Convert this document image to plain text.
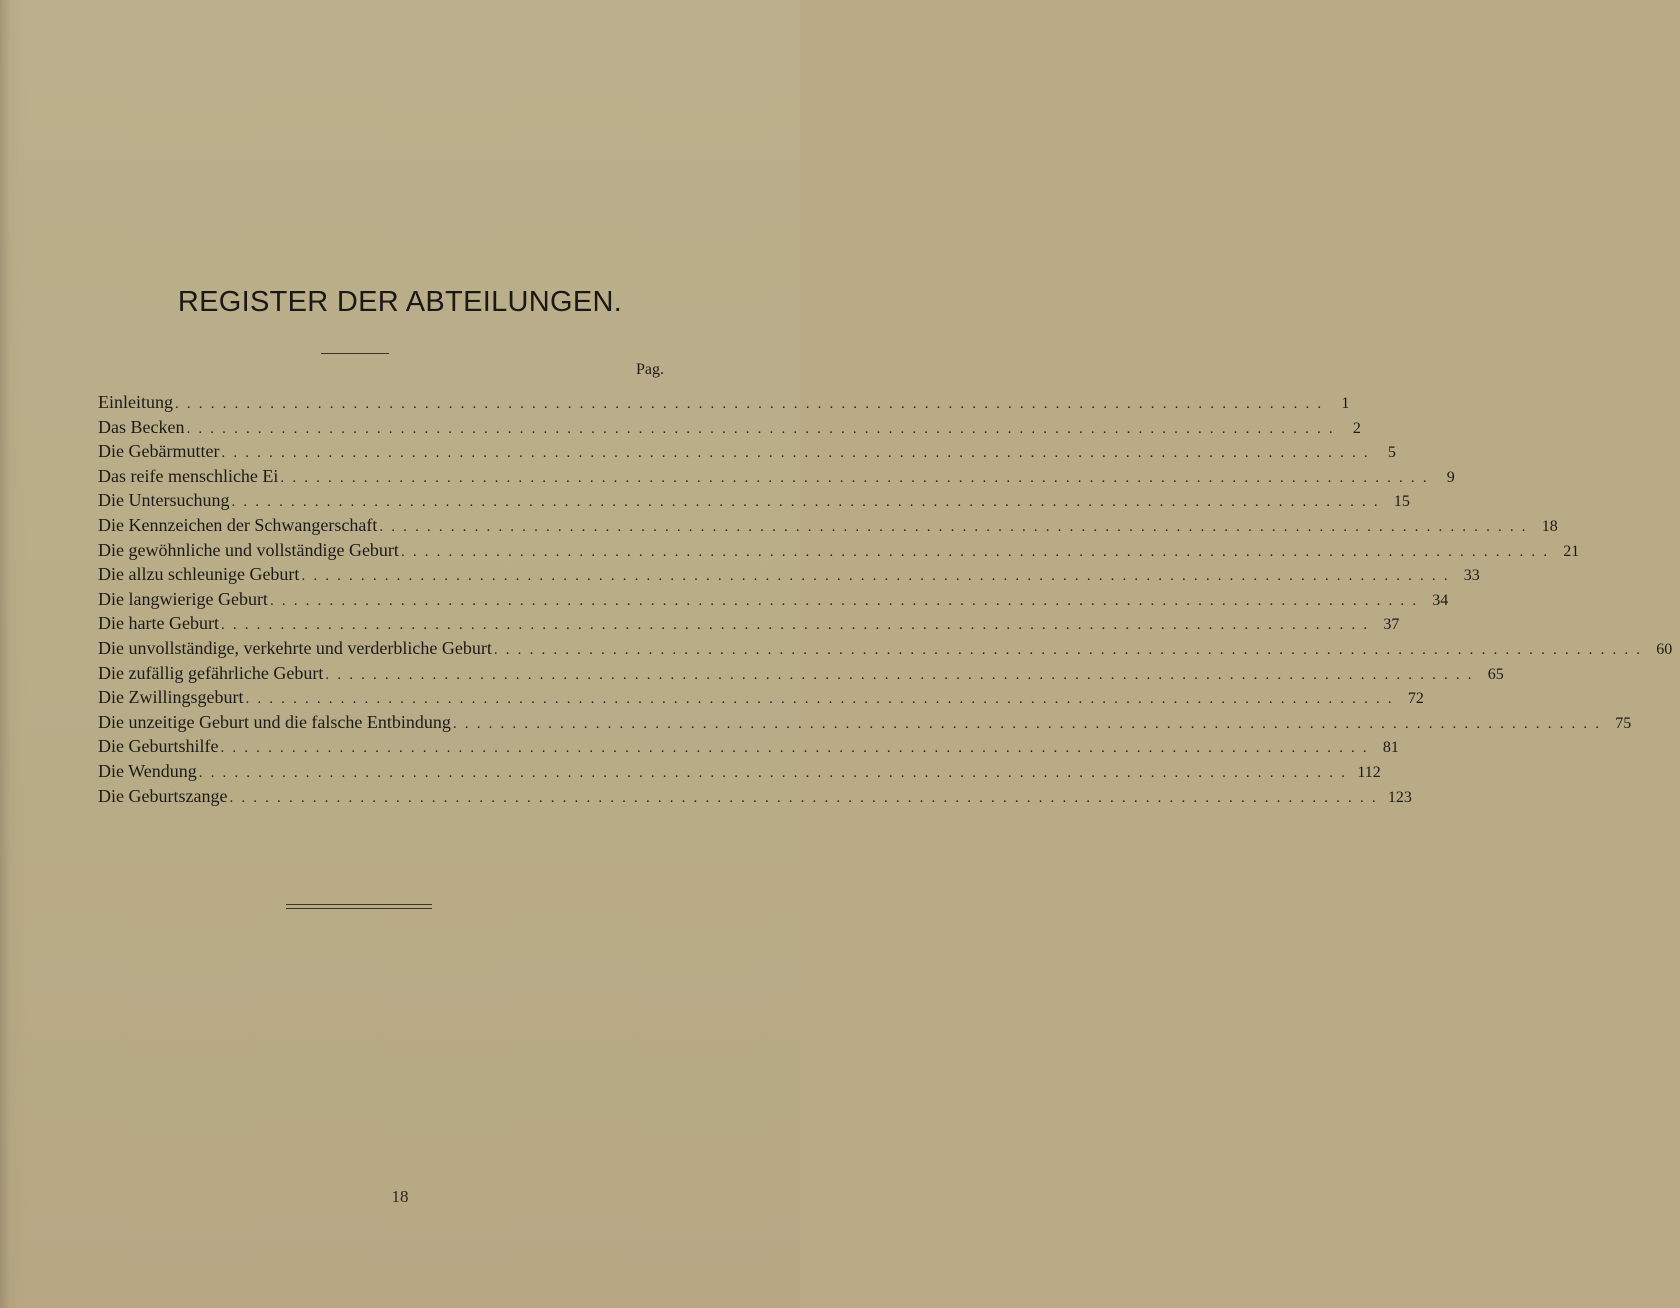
REGISTER DER ABTEILUNGEN.
Pag.
Einleitung . . . . . . . . . . . . . . . . . . . . . . . . . . . . . . . . . . . . . . . . . . . . . . . . . . . . . . . . . . . . . . . . . . . . . . . . . . . . . . . . . . . . . . . . . . . . . . . . .	1
Das Becken . . . . . . . . . . . . . . . . . . . . . . . . . . . . . . . . . . . . . . . . . . . . . . . . . . . . . . . . . . . . . . . . . . . . . . . . . . . . . . . . . . . . . . . . . . . . . . . . .	2
Die Gebärmutter . . . . . . . . . . . . . . . . . . . . . . . . . . . . . . . . . . . . . . . . . . . . . . . . . . . . . . . . . . . . . . . . . . . . . . . . . . . . . . . . . . . . . . . . . . . . . . . . .	5
Das reife menschliche Ei . . . . . . . . . . . . . . . . . . . . . . . . . . . . . . . . . . . . . . . . . . . . . . . . . . . . . . . . . . . . . . . . . . . . . . . . . . . . . . . . . . . . . . . . . . . . . . . . .	9
Die Untersuchung . . . . . . . . . . . . . . . . . . . . . . . . . . . . . . . . . . . . . . . . . . . . . . . . . . . . . . . . . . . . . . . . . . . . . . . . . . . . . . . . . . . . . . . . . . . . . . . . . 15
Die Kennzeichen der Schwangerschaft . . . . . . . . . . . . . . . . . . . . . . . . . . . . . . . . . . . . . . . . . . . . . . . . . . . . . . . . . . . . . . . . . . . . . . . . . . . . . . . . . . . . . . . . . . . . . . . . . 18
Die gewöhnliche und vollständige Geburt . . . . . . . . . . . . . . . . . . . . . . . . . . . . . . . . . . . . . . . . . . . . . . . . . . . . . . . . . . . . . . . . . . . . . . . . . . . . . . . . . . . . . . . . . . . . . . . . . 21
Die allzu schleunige Geburt . . . . . . . . . . . . . . . . . . . . . . . . . . . . . . . . . . . . . . . . . . . . . . . . . . . . . . . . . . . . . . . . . . . . . . . . . . . . . . . . . . . . . . . . . . . . . . . . . 33
Die langwierige Geburt . . . . . . . . . . . . . . . . . . . . . . . . . . . . . . . . . . . . . . . . . . . . . . . . . . . . . . . . . . . . . . . . . . . . . . . . . . . . . . . . . . . . . . . . . . . . . . . . . 34
Die harte Geburt . . . . . . . . . . . . . . . . . . . . . . . . . . . . . . . . . . . . . . . . . . . . . . . . . . . . . . . . . . . . . . . . . . . . . . . . . . . . . . . . . . . . . . . . . . . . . . . . . 37
Die unvollständige, verkehrte und verderbliche Geburt . . . . . . . . . . . . . . . . . . . . . . . . . . . . . . . . . . . . . . . . . . . . . . . . . . . . . . . . . . . . . . . . . . . . . . . . . . . . . . . . . . . . . . . . . . . . . . . . . 60
Die zufällig gefährliche Geburt . . . . . . . . . . . . . . . . . . . . . . . . . . . . . . . . . . . . . . . . . . . . . . . . . . . . . . . . . . . . . . . . . . . . . . . . . . . . . . . . . . . . . . . . . . . . . . . . . 65
Die Zwillingsgeburt . . . . . . . . . . . . . . . . . . . . . . . . . . . . . . . . . . . . . . . . . . . . . . . . . . . . . . . . . . . . . . . . . . . . . . . . . . . . . . . . . . . . . . . . . . . . . . . . . 72
Die unzeitige Geburt und die falsche Entbindung . . . . . . . . . . . . . . . . . . . . . . . . . . . . . . . . . . . . . . . . . . . . . . . . . . . . . . . . . . . . . . . . . . . . . . . . . . . . . . . . . . . . . . . . . . . . . . . . . 75
Die Geburtshilfe . . . . . . . . . . . . . . . . . . . . . . . . . . . . . . . . . . . . . . . . . . . . . . . . . . . . . . . . . . . . . . . . . . . . . . . . . . . . . . . . . . . . . . . . . . . . . . . . . 81
Die Wendung . . . . . . . . . . . . . . . . . . . . . . . . . . . . . . . . . . . . . . . . . . . . . . . . . . . . . . . . . . . . . . . . . . . . . . . . . . . . . . . . . . . . . . . . . . . . . . . . . 112
Die Geburtszange . . . . . . . . . . . . . . . . . . . . . . . . . . . . . . . . . . . . . . . . . . . . . . . . . . . . . . . . . . . . . . . . . . . . . . . . . . . . . . . . . . . . . . . . . . . . . . . . . 123
18
